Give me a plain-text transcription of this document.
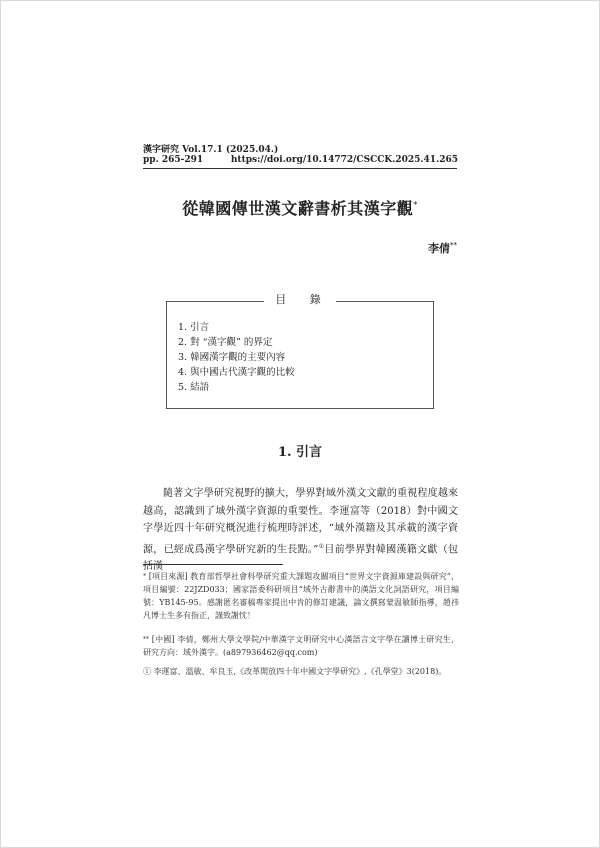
漢字研究 Vol.17.1 (2025.04.)
pp. 265-291	https://doi.org/10.14772/CSCCK.2025.41.265
從韓國傳世漢文辭書析其漢字觀*
李倩**
目 錄
1. 引言
2. 對 “漢字觀” 的界定
3. 韓國漢字觀的主要內容
4. 與中國古代漢字觀的比較
5. 結語
1. 引言
隨著文字學研究視野的擴大，學界對域外漢文文獻的重視程度越來越高，認識到了域外漢字資源的重要性。李運富等（2018）對中國文字學近四十年研究概況進行梳理時評述，“域外漢籍及其承載的漢字資源，已經成爲漢字學研究新的生長點。”①目前學界對韓國漢籍文獻（包括漢
* [項目來源] 教育部哲學社會科學研究重大課題攻關項目“世界文字資源庫建設與研究”，項目編號：22JZD033；國家語委科研項目“域外古辭書中的漢語文化詞語研究，項目編號：YB145-95。感謝匿名審稿專家提出中肯的修訂建議，論文撰寫蒙温敏師指導，趙祎凡博士生多有指正，謹致謝忱！
** [中國] 李倩，鄭州大學文學院/中華漢字文明研究中心漢語言文字學在讀博士研究生，研究方向：域外漢字。(a897936462@qq.com)
① 李運富、溫敏、牟良玉,《改革開放四十年中國文字學研究》,《孔學堂》3(2018)。
